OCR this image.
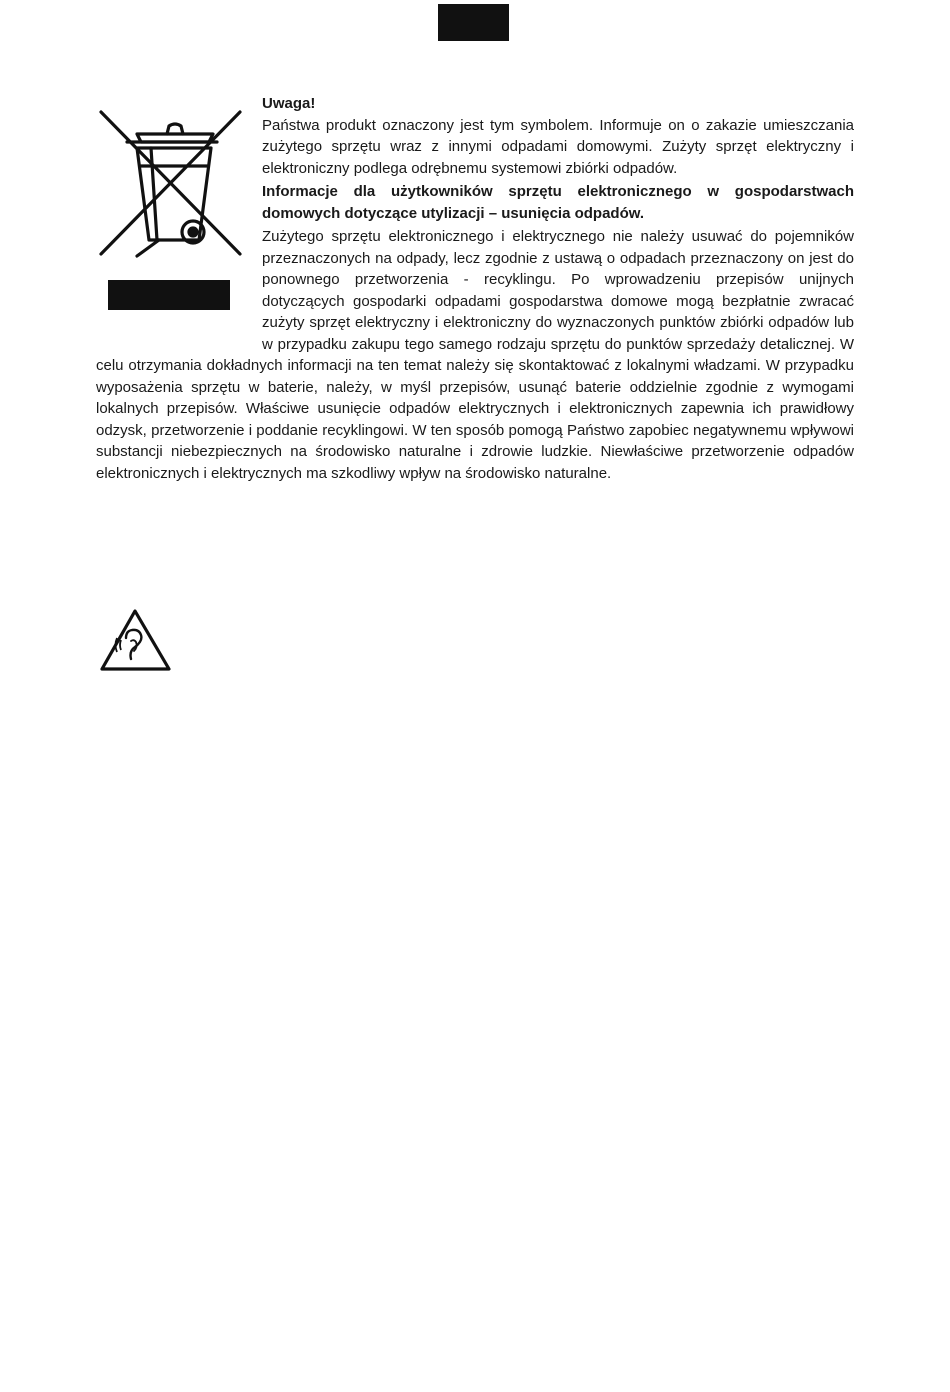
Uwaga!

Państwa produkt oznaczony jest tym symbolem. Informuje on o zakazie umieszczania zużytego sprzętu wraz z innymi odpadami domowymi. Zużyty sprzęt elektryczny i elektroniczny podlega odrębnemu systemowi zbiórki odpadów.

Informacje dla użytkowników sprzętu elektronicznego w gospodarstwach domowych dotyczące utylizacji – usunięcia odpadów.

Zużytego sprzętu elektronicznego i elektrycznego nie należy usuwać do pojemników przeznaczonych na odpady, lecz zgodnie z ustawą o odpadach przeznaczony on jest do ponownego przetworzenia - recyklingu. Po wprowadzeniu przepisów unijnych dotyczących gospodarki odpadami gospodarstwa domowe mogą bezpłatnie zwracać zużyty sprzęt elektryczny i elektroniczny do wyznaczonych punktów zbiórki odpadów lub w przypadku zakupu tego samego rodzaju sprzętu do punktów sprzedaży detalicznej. W celu otrzymania dokładnych informacji na ten temat należy się skontaktować z lokalnymi władzami. W przypadku wyposażenia sprzętu w baterie, należy, w myśl przepisów, usunąć baterie oddzielnie zgodnie z wymogami lokalnych przepisów. Właściwe usunięcie odpadów elektrycznych i elektronicznych zapewnia ich prawidłowy odzysk, przetworzenie i poddanie recyklingowi. W ten sposób pomogą Państwo zapobiec negatywnemu wpływowi substancji niebezpiecznych na środowisko naturalne i zdrowie ludzkie. Niewłaściwe przetworzenie odpadów elektronicznych i elektrycznych ma szkodliwy wpływ na środowisko naturalne.
